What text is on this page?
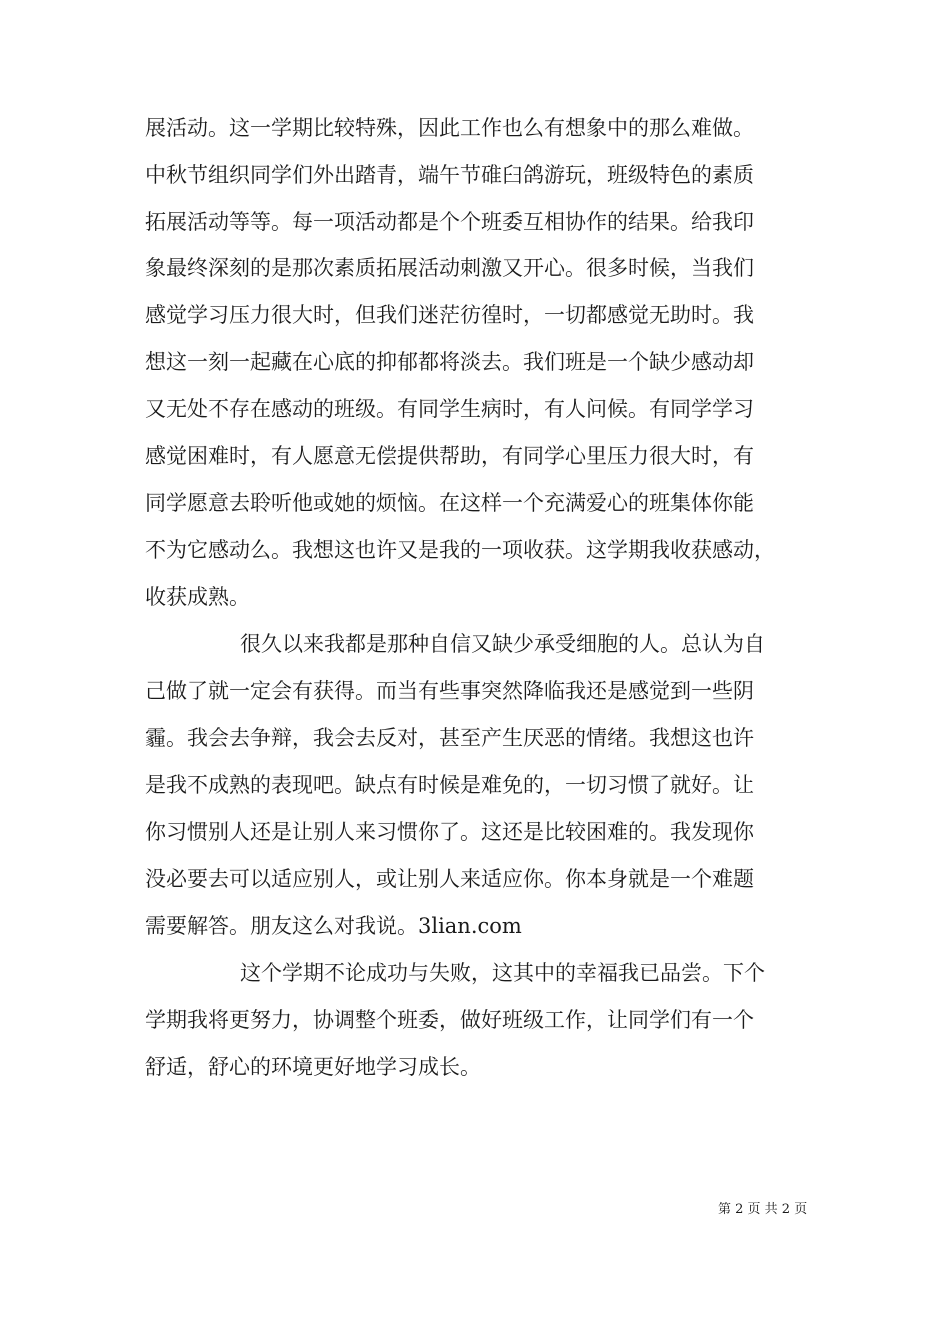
展活动。这一学期比较特殊，因此工作也么有想象中的那么难做。
中秋节组织同学们外出踏青，端午节碓臼鸽游玩，班级特色的素质
拓展活动等等。每一项活动都是个个班委互相协作的结果。给我印
象最终深刻的是那次素质拓展活动刺激又开心。很多时候，当我们
感觉学习压力很大时，但我们迷茫彷徨时，一切都感觉无助时。我
想这一刻一起藏在心底的抑郁都将淡去。我们班是一个缺少感动却
又无处不存在感动的班级。有同学生病时，有人问候。有同学学习
感觉困难时，有人愿意无偿提供帮助，有同学心里压力很大时，有
同学愿意去聆听他或她的烦恼。在这样一个充满爱心的班集体你能
不为它感动么。我想这也许又是我的一项收获。这学期我收获感动，
收获成熟。
很久以来我都是那种自信又缺少承受细胞的人。总认为自
己做了就一定会有获得。而当有些事突然降临我还是感觉到一些阴
霾。我会去争辩，我会去反对，甚至产生厌恶的情绪。我想这也许
是我不成熟的表现吧。缺点有时候是难免的，一切习惯了就好。让
你习惯别人还是让别人来习惯你了。这还是比较困难的。我发现你
没必要去可以适应别人，或让别人来适应你。你本身就是一个难题
需要解答。朋友这么对我说。3lian.com
这个学期不论成功与失败，这其中的幸福我已品尝。下个
学期我将更努力，协调整个班委，做好班级工作，让同学们有一个
舒适，舒心的环境更好地学习成长。
第 2 页 共 2 页
